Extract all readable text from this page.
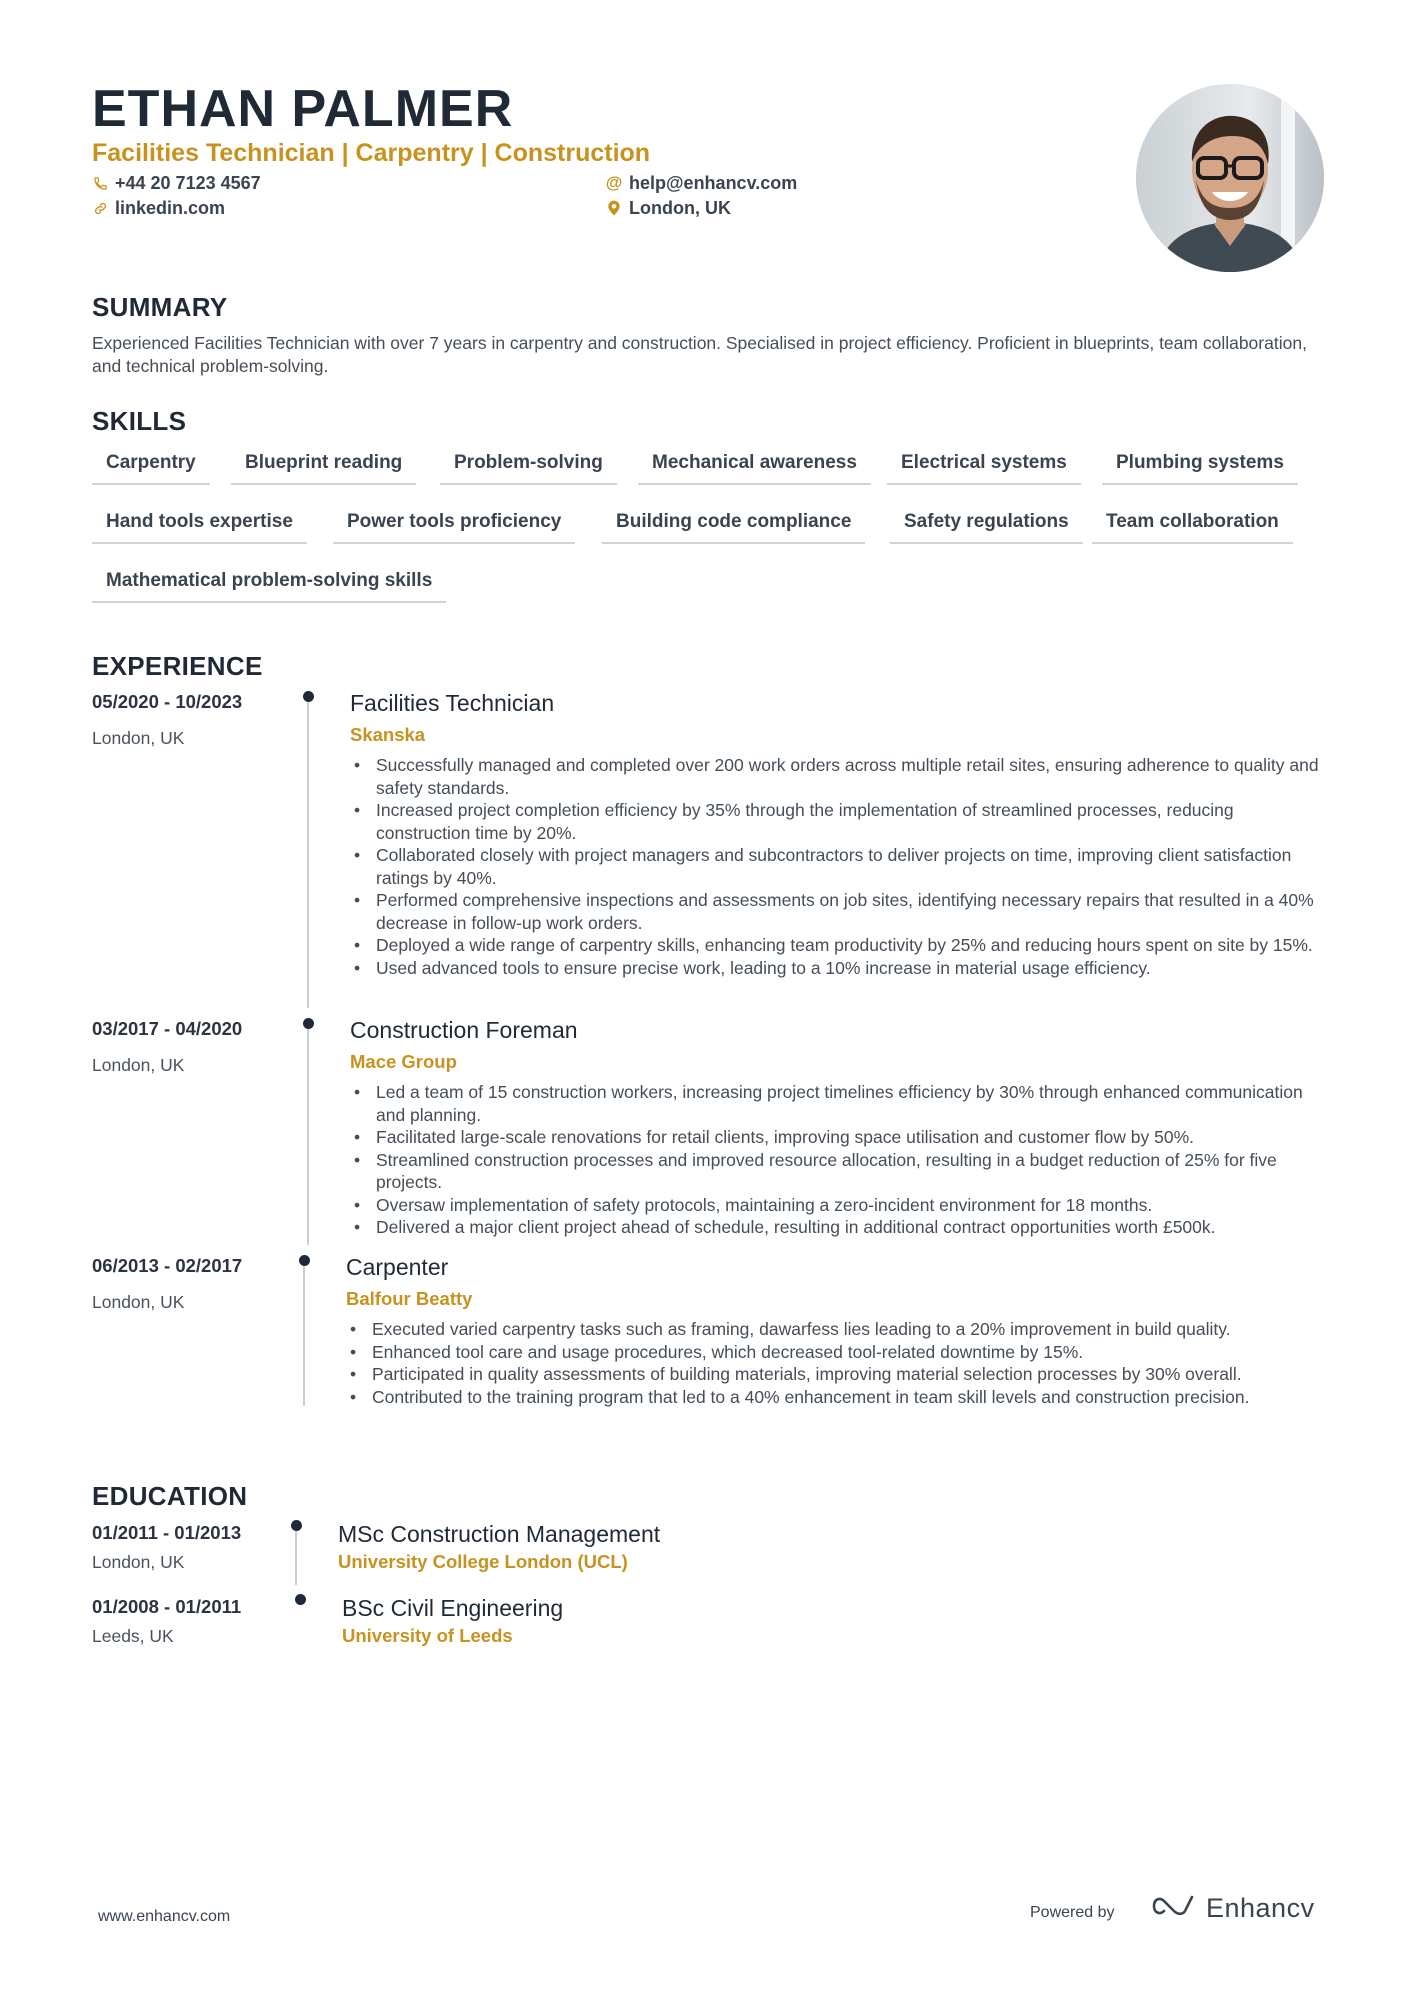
ETHAN PALMER
Facilities Technician | Carpentry | Construction
+44 20 7123 4567
linkedin.com
@ help@enhancv.com
London, UK
SUMMARY
Experienced Facilities Technician with over 7 years in carpentry and construction. Specialised in project efficiency. Proficient in blueprints, team collaboration, and technical problem-solving.
SKILLS
Carpentry	Blueprint reading	Problem-solving	Mechanical awareness	Electrical systems	Plumbing systems
Hand tools expertise	Power tools proficiency	Building code compliance	Safety regulations	Team collaboration
Mathematical problem-solving skills
EXPERIENCE
05/2020 - 10/2023
London, UK
Facilities Technician
Skanska
• Successfully managed and completed over 200 work orders across multiple retail sites, ensuring adherence to quality and safety standards.
• Increased project completion efficiency by 35% through the implementation of streamlined processes, reducing construction time by 20%.
• Collaborated closely with project managers and subcontractors to deliver projects on time, improving client satisfaction ratings by 40%.
• Performed comprehensive inspections and assessments on job sites, identifying necessary repairs that resulted in a 40% decrease in follow-up work orders.
• Deployed a wide range of carpentry skills, enhancing team productivity by 25% and reducing hours spent on site by 15%.
• Used advanced tools to ensure precise work, leading to a 10% increase in material usage efficiency.
03/2017 - 04/2020
London, UK
Construction Foreman
Mace Group
• Led a team of 15 construction workers, increasing project timelines efficiency by 30% through enhanced communication and planning.
• Facilitated large-scale renovations for retail clients, improving space utilisation and customer flow by 50%.
• Streamlined construction processes and improved resource allocation, resulting in a budget reduction of 25% for five projects.
• Oversaw implementation of safety protocols, maintaining a zero-incident environment for 18 months.
• Delivered a major client project ahead of schedule, resulting in additional contract opportunities worth £500k.
06/2013 - 02/2017
London, UK
Carpenter
Balfour Beatty
• Executed varied carpentry tasks such as framing, dawarfess lies leading to a 20% improvement in build quality.
• Enhanced tool care and usage procedures, which decreased tool-related downtime by 15%.
• Participated in quality assessments of building materials, improving material selection processes by 30% overall.
• Contributed to the training program that led to a 40% enhancement in team skill levels and construction precision.
EDUCATION
01/2011 - 01/2013
London, UK
MSc Construction Management
University College London (UCL)
01/2008 - 01/2011
Leeds, UK
BSc Civil Engineering
University of Leeds
www.enhancv.com	Powered by	Enhancv
